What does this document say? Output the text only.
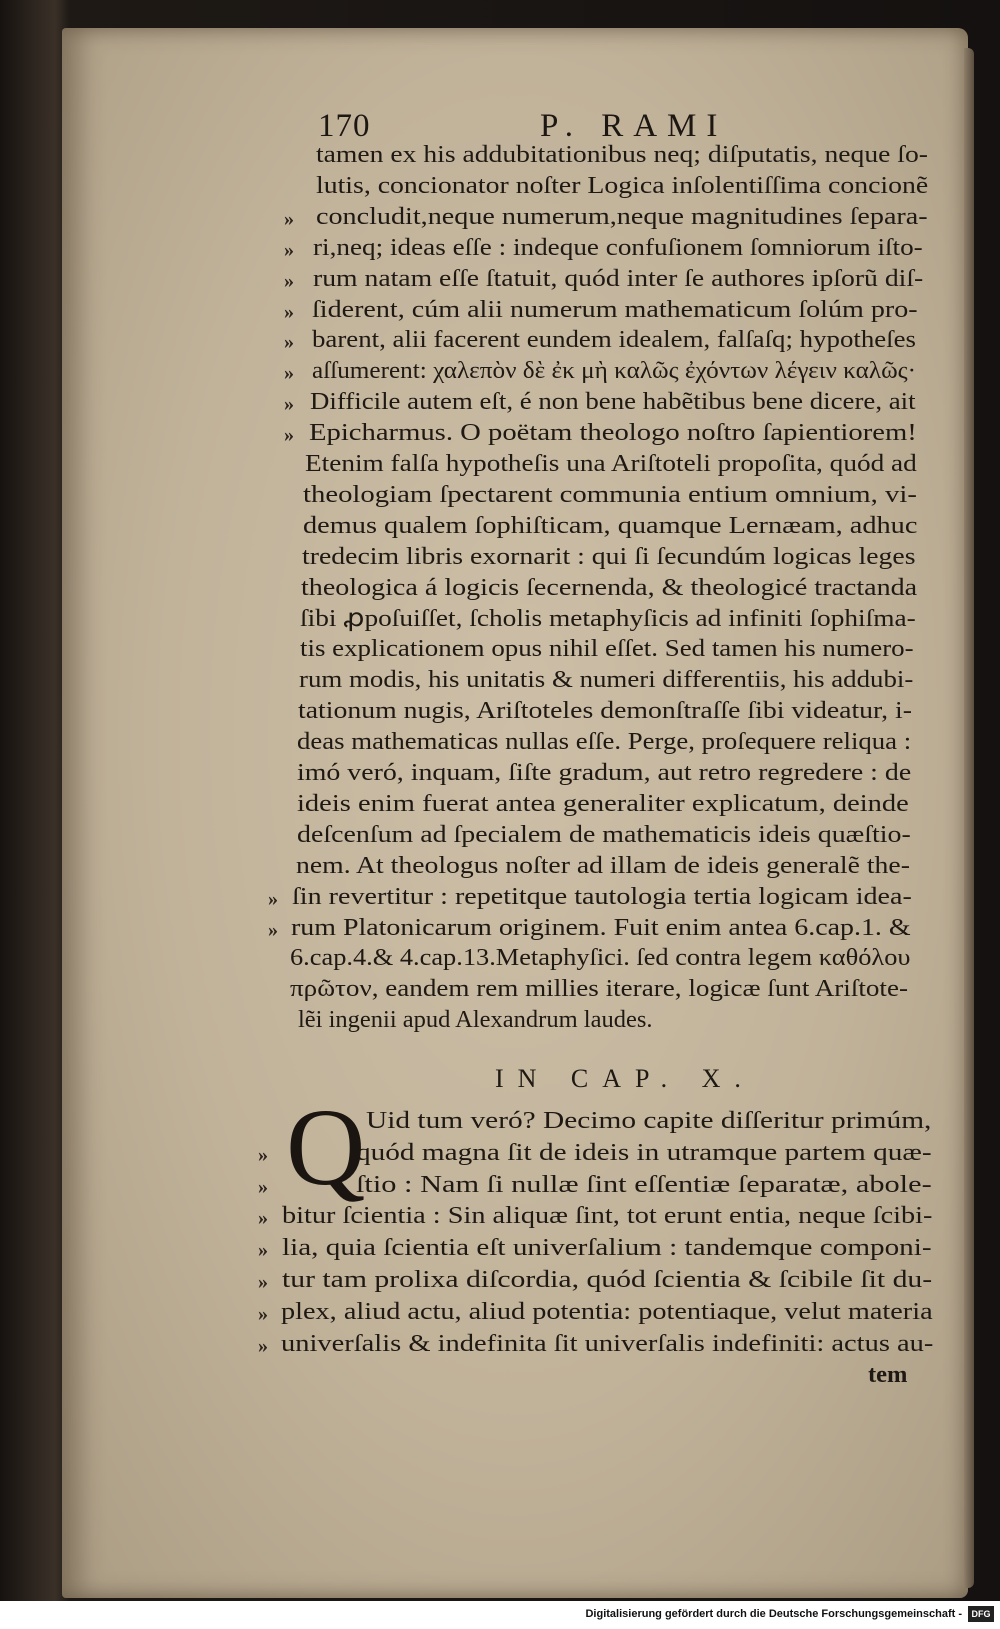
170	P. RAMI
tamen ex his addubitationibus neq; diſputatis, neque ſo-
lutis, concionator noſter Logica inſolentiſſima concionẽ
concludit,neque numerum,neque magnitudines ſepara-
»
ri,neq; ideas eſſe : indeque confuſionem ſomniorum iſto-
»
rum natam eſſe ſtatuit, quód inter ſe authores ipſorũ diſ-
»
ſiderent, cúm alii numerum mathematicum ſolúm pro-
»
barent, alii facerent eundem idealem, falſaſq; hypotheſes
»
aſſumerent: χαλεπὸν δὲ ἐκ μὴ καλῶς ἐχόντων λέγειν καλῶς·
»
Difficile autem eſt, é non bene habẽtibus bene dicere, ait
»
Epicharmus. O poëtam theologo noſtro ſapientiorem!
»
Etenim falſa hypotheſis una Ariſtoteli propoſita, quód ad
theologiam ſpectarent communia entium omnium, vi-
demus qualem ſophiſticam, quamque Lernæam, adhuc
tredecim libris exornarit : qui ſi ſecundúm logicas leges
theologica á logicis ſecernenda, & theologicé tractanda
ſibi ꝓpoſuiſſet, ſcholis metaphyſicis ad infiniti ſophiſma-
tis explicationem opus nihil eſſet. Sed tamen his numero-
rum modis, his unitatis & numeri differentiis, his addubi-
tationum nugis, Ariſtoteles demonſtraſſe ſibi videatur, i-
deas mathematicas nullas eſſe. Perge, proſequere reliqua :
imó veró, inquam, ſiſte gradum, aut retro regredere : de
ideis enim fuerat antea generaliter explicatum, deinde
deſcenſum ad ſpecialem de mathematicis ideis quæſtio-
nem. At theologus noſter ad illam de ideis generalẽ the-
ſin revertitur : repetitque tautologia tertia logicam idea-
»
rum Platonicarum originem. Fuit enim antea 6.cap.1. &
»
6.cap.4.& 4.cap.13.Metaphyſici. ſed contra legem καθόλου
πρῶτον, eandem rem millies iterare, logicæ ſunt Ariſtote-
lẽi ingenii apud Alexandrum laudes.
Uid tum veró? Decimo capite diſſeritur primúm,
quód magna ſit de ideis in utramque partem quæ-
»
ſtio : Nam ſi nullæ ſint eſſentiæ ſeparatæ, abole-
»
bitur ſcientia : Sin aliquæ ſint, tot erunt entia, neque ſcibi-
»
lia, quia ſcientia eſt univerſalium : tandemque componi-
»
tur tam prolixa diſcordia, quód ſcientia & ſcibile ſit du-
»
plex, aliud actu, aliud potentia: potentiaque, velut materia
»
univerſalis & indefinita ſit univerſalis indefiniti: actus au-
»
IN CAP. X.
Q
tem
Digitalisierung gefördert durch die Deutsche Forschungsgemeinschaft -	DFG
